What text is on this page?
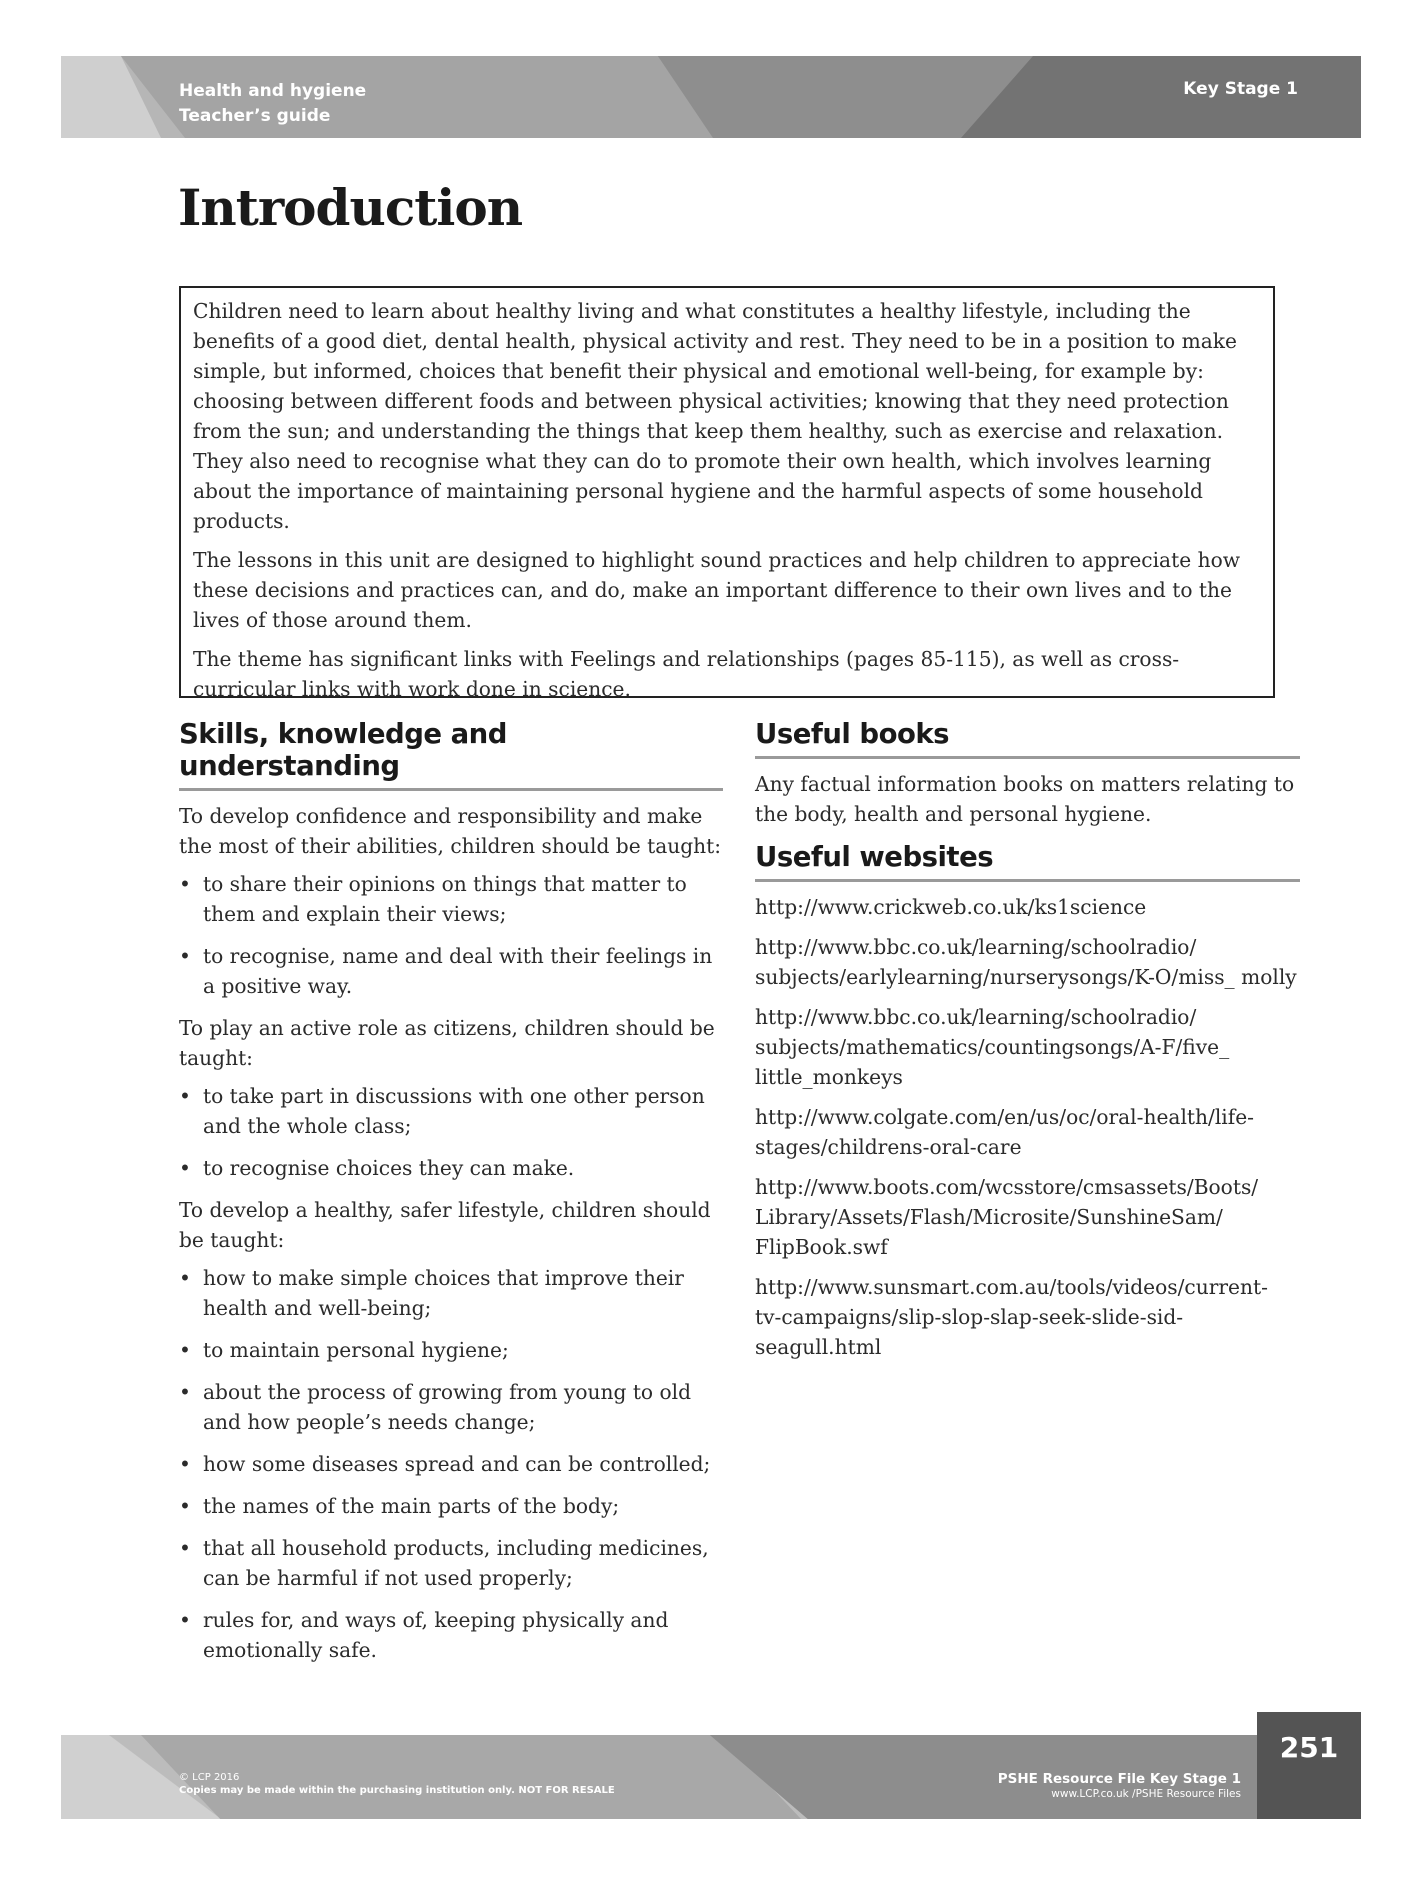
Health and hygiene
Teacher’s guide
Key Stage 1
Introduction

Children need to learn about healthy living and what constitutes a healthy lifestyle, including the benefits of a good diet, dental health, physical activity and rest. They need to be in a position to make simple, but informed, choices that benefit their physical and emotional well-being, for example by: choosing between different foods and between physical activities; knowing that they need protection from the sun; and understanding the things that keep them healthy, such as exercise and relaxation. They also need to recognise what they can do to promote their own health, which involves learning about the importance of maintaining personal hygiene and the harmful aspects of some household products.

The lessons in this unit are designed to highlight sound practices and help children to appreciate how these decisions and practices can, and do, make an important difference to their own lives and to the lives of those around them.

The theme has significant links with Feelings and relationships (pages 85-115), as well as cross-curricular links with work done in science.

Skills, knowledge and understanding

To develop confidence and responsibility and make the most of their abilities, children should be taught:

• to share their opinions on things that matter to them and explain their views;
• to recognise, name and deal with their feelings in a positive way.

To play an active role as citizens, children should be taught:

• to take part in discussions with one other person and the whole class;
• to recognise choices they can make.

To develop a healthy, safer lifestyle, children should be taught:

• how to make simple choices that improve their health and well-being;
• to maintain personal hygiene;
• about the process of growing from young to old and how people’s needs change;
• how some diseases spread and can be controlled;
• the names of the main parts of the body;
• that all household products, including medicines, can be harmful if not used properly;
• rules for, and ways of, keeping physically and emotionally safe.
Useful books

Any factual information books on matters relating to the body, health and personal hygiene.

Useful websites
http://www.crickweb.co.uk/ks1science
http://www.bbc.co.uk/learning/schoolradio/ subjects/earlylearning/nurserysongs/K-O/miss_ molly
http://www.bbc.co.uk/learning/schoolradio/ subjects/mathematics/countingsongs/A-F/five_ little_monkeys
http://www.colgate.com/en/us/oc/oral-health/life- stages/childrens-oral-care
http://www.boots.com/wcsstore/cmsassets/Boots/ Library/Assets/Flash/Microsite/SunshineSam/ FlipBook.swf
http://www.sunsmart.com.au/tools/videos/current- tv-campaigns/slip-slop-slap-seek-slide-sid-seagull.html
© LCP 2016
Copies may be made within the purchasing institution only. NOT FOR RESALE
PSHE Resource File Key Stage 1
www.LCP.co.uk /PSHE Resource Files
251
